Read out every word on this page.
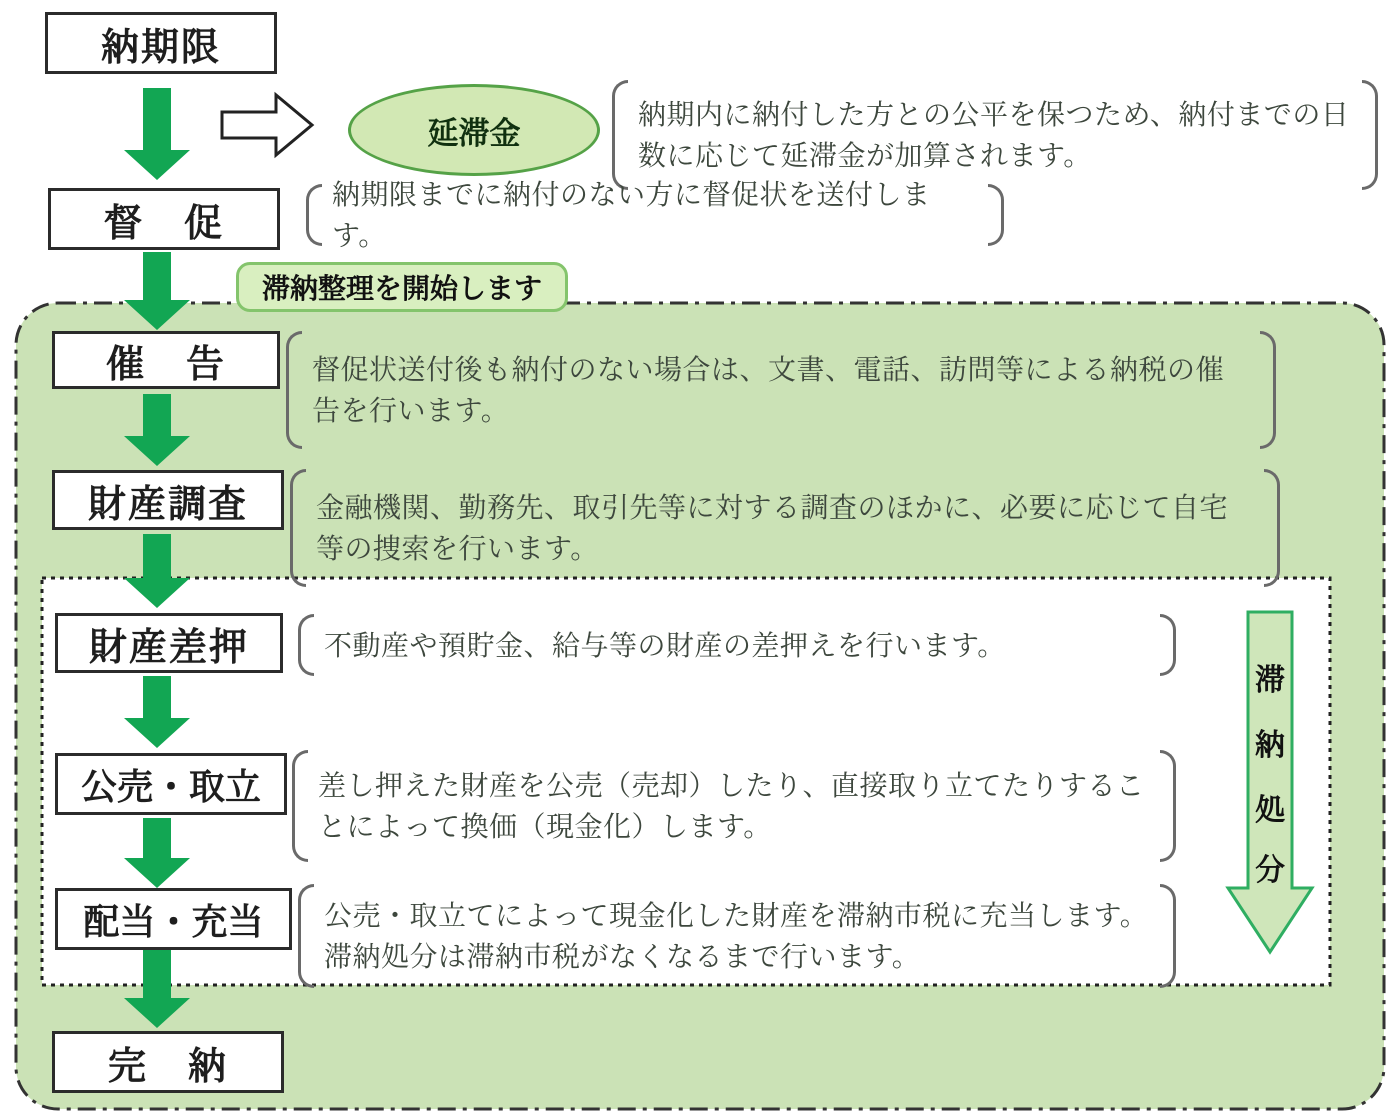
滞
納
処
分
納期限
督　促
催　告
財産調査
財産差押
公売・取立
配当・充当
完　納
延滞金
滞納整理を開始します
納期内に納付した方との公平を保つため、納付までの日数に応じて延滞金が加算されます。
納期限までに納付のない方に督促状を送付します。
督促状送付後も納付のない場合は、文書、電話、訪問等による納税の催告を行います。
金融機関、勤務先、取引先等に対する調査のほかに、必要に応じて自宅等の捜索を行います。
不動産や預貯金、給与等の財産の差押えを行います。
差し押えた財産を公売（売却）したり、直接取り立てたりすることによって換価（現金化）します。
公売・取立てによって現金化した財産を滞納市税に充当します。滞納処分は滞納市税がなくなるまで行います。
